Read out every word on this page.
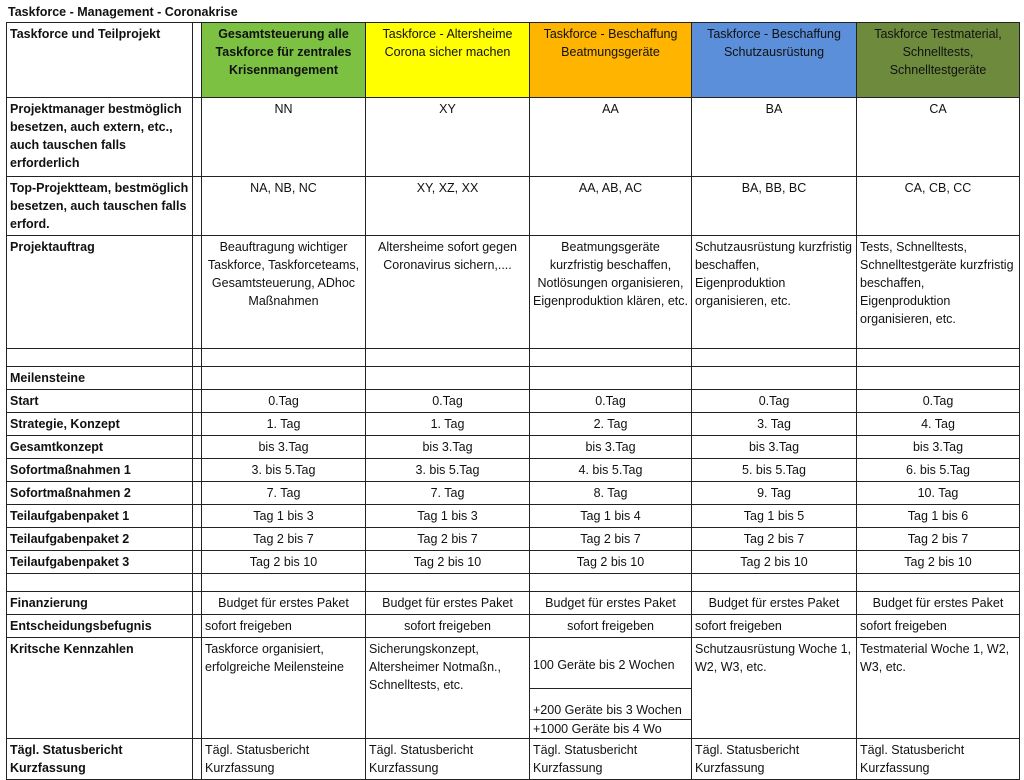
Taskforce - Management - Coronakrise
Taskforce und Teilprojekt		Gesamtsteuerung alle Taskforce für zentrales Krisenmangement	Taskforce - Altersheime Corona sicher machen	Taskforce - Beschaffung Beatmungsgeräte	Taskforce - Beschaffung Schutzausrüstung	Taskforce Testmaterial, Schnelltests, Schnelltestgeräte
Projektmanager bestmöglich besetzen, auch extern, etc., auch tauschen falls erforderlich		NN	XY	AA	BA	CA
Top-Projektteam, bestmöglich besetzen, auch tauschen falls erford.		NA, NB, NC	XY, XZ, XX	AA, AB, AC	BA, BB, BC	CA, CB, CC
Projektauftrag		Beauftragung wichtiger Taskforce, Taskforceteams, Gesamtsteuerung, ADhoc Maßnahmen	Altersheime sofort gegen Coronavirus sichern,....	Beatmungsgeräte kurzfristig beschaffen, Notlösungen organisieren, Eigenproduktion klären, etc.	Schutzausrüstung kurzfristig beschaffen, Eigenproduktion organisieren, etc.	Tests, Schnelltests, Schnelltestgeräte kurzfristig beschaffen, Eigenproduktion organisieren, etc.

Meilensteine						
Start		0.Tag	0.Tag	0.Tag	0.Tag	0.Tag
Strategie, Konzept		1. Tag	1. Tag	2. Tag	3. Tag	4. Tag
Gesamtkonzept		bis 3.Tag	bis 3.Tag	bis 3.Tag	bis 3.Tag	bis 3.Tag
Sofortmaßnahmen 1		3. bis 5.Tag	3. bis 5.Tag	4. bis 5.Tag	5. bis 5.Tag	6. bis 5.Tag
Sofortmaßnahmen 2		7. Tag	7. Tag	8. Tag	9. Tag	10. Tag
Teilaufgabenpaket 1		Tag 1 bis 3	Tag 1 bis 3	Tag 1 bis 4	Tag 1 bis 5	Tag 1 bis 6
Teilaufgabenpaket 2		Tag 2 bis 7	Tag 2 bis 7	Tag 2 bis 7	Tag 2 bis 7	Tag 2 bis 7
Teilaufgabenpaket 3		Tag 2 bis 10	Tag 2 bis 10	Tag 2 bis 10	Tag 2 bis 10	Tag 2 bis 10

Finanzierung		Budget für erstes Paket	Budget für erstes Paket	Budget für erstes Paket	Budget für erstes Paket	Budget für erstes Paket
Entscheidungsbefugnis		sofort freigeben	sofort freigeben	sofort freigeben	sofort freigeben	sofort freigeben
Kritsche Kennzahlen		Taskforce organisiert, erfolgreiche Meilensteine	Sicherungskonzept, Altersheimer Notmaßn., Schnelltests, etc.	100 Geräte bis 2 Wochen
+200 Geräte bis 3 Wochen
+1000 Geräte bis 4 Wo	Schutzausrüstung Woche 1, W2, W3, etc.	Testmaterial Woche 1, W2, W3, etc.
Tägl. Statusbericht Kurzfassung		Tägl. Statusbericht Kurzfassung	Tägl. Statusbericht Kurzfassung	Tägl. Statusbericht Kurzfassung	Tägl. Statusbericht Kurzfassung	Tägl. Statusbericht Kurzfassung
